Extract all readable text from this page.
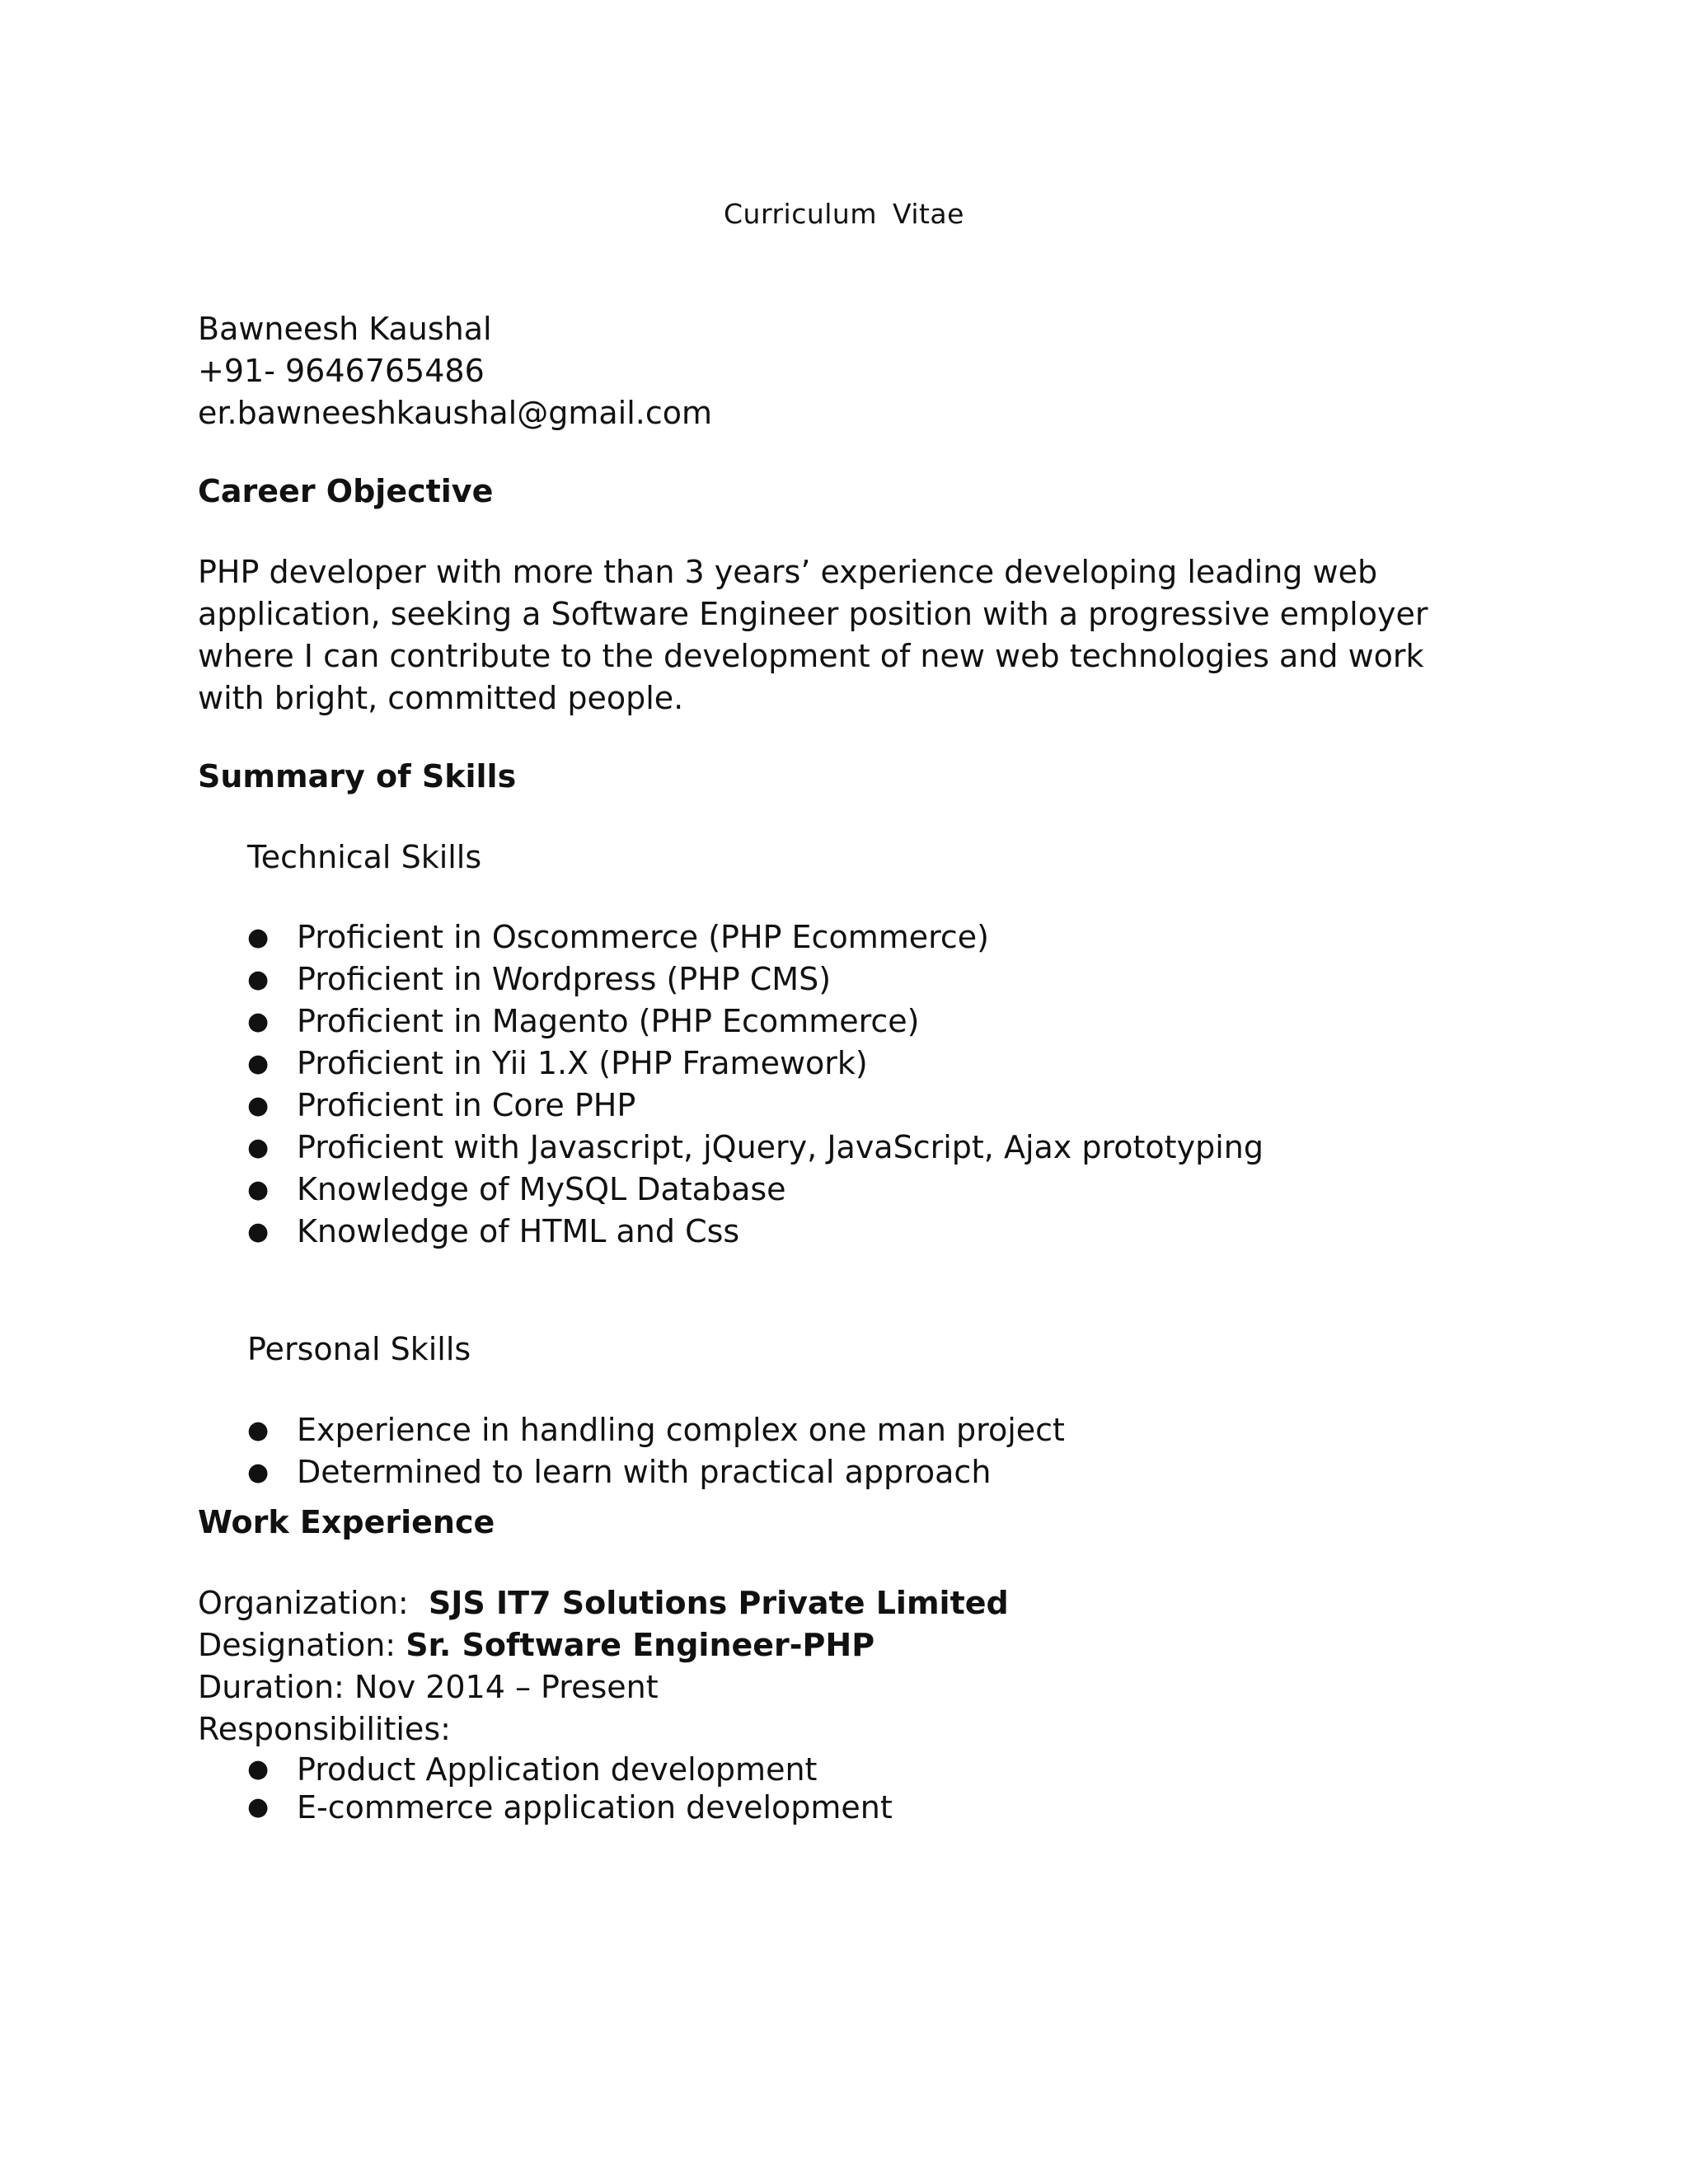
Curriculum Vitae
Bawneesh Kaushal
+91- 9646765486
er.bawneeshkaushal@gmail.com
Career Objective
PHP developer with more than 3 years’ experience developing leading web application, seeking a Software Engineer position with a progressive employer where I can contribute to the development of new web technologies and work with bright, committed people.
Summary of Skills
Technical Skills
● Proficient in Oscommerce (PHP Ecommerce)
● Proficient in Wordpress (PHP CMS)
● Proficient in Magento (PHP Ecommerce)
● Proficient in Yii 1.X (PHP Framework)
● Proficient in Core PHP
● Proficient with Javascript, jQuery, JavaScript, Ajax prototyping
● Knowledge of MySQL Database
● Knowledge of HTML and Css
Personal Skills
● Experience in handling complex one man project
● Determined to learn with practical approach
Work Experience
Organization: SJS IT7 Solutions Private Limited
Designation: Sr. Software Engineer-PHP
Duration: Nov 2014 – Present
Responsibilities:
● Product Application development
● E-commerce application development
